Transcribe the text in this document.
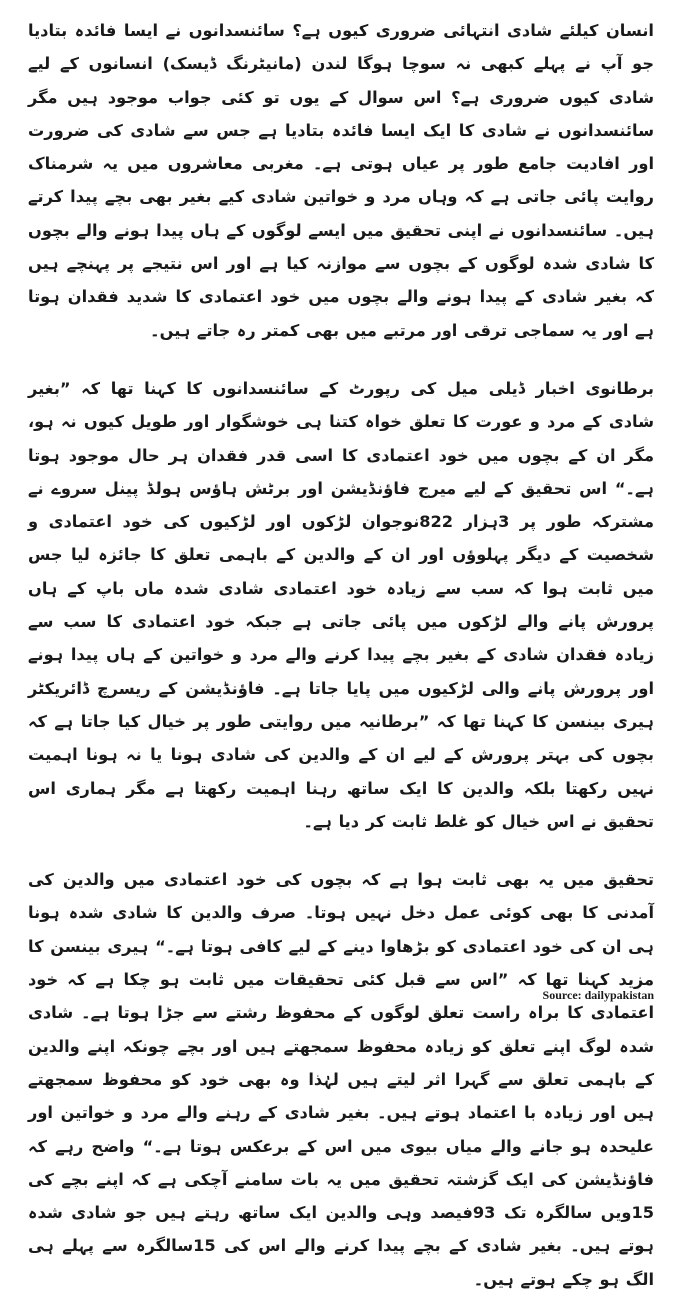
انسان کیلئے شادی انتہائی ضروری کیوں ہے؟ سائنسدانوں نے ایسا فائدہ بتادیا جو آپ نے پہلے کبھی نہ سوچا ہوگا لندن (مانیٹرنگ ڈیسک) انسانوں کے لیے شادی کیوں ضروری ہے؟ اس سوال کے یوں تو کئی جواب موجود ہیں مگر سائنسدانوں نے شادی کا ایک ایسا فائدہ بتادیا ہے جس سے شادی کی ضرورت اور افادیت جامع طور پر عیاں ہوتی ہے۔ مغربی معاشروں میں یہ شرمناک روایت پائی جاتی ہے کہ وہاں مرد و خواتین شادی کیے بغیر بھی بچے پیدا کرتے ہیں۔ سائنسدانوں نے اپنی تحقیق میں ایسے لوگوں کے ہاں پیدا ہونے والے بچوں کا شادی شدہ لوگوں کے بچوں سے موازنہ کیا ہے اور اس نتیجے پر پہنچے ہیں کہ بغیر شادی کے پیدا ہونے والے بچوں میں خود اعتمادی کا شدید فقدان ہوتا ہے اور یہ سماجی ترقی اور مرتبے میں بھی کمتر رہ جاتے ہیں۔

برطانوی اخبار ڈیلی میل کی رپورٹ کے سائنسدانوں کا کہنا تھا کہ ”بغیر شادی کے مرد و عورت کا تعلق خواہ کتنا ہی خوشگوار اور طویل کیوں نہ ہو، مگر ان کے بچوں میں خود اعتمادی کا اسی قدر فقدان ہر حال موجود ہوتا ہے۔“ اس تحقیق کے لیے میرج فاؤنڈیشن اور برٹش ہاؤس ہولڈ پینل سروے نے مشترکہ طور پر 3ہزار 822نوجوان لڑکوں اور لڑکیوں کی خود اعتمادی و شخصیت کے دیگر پہلوؤں اور ان کے والدین کے باہمی تعلق کا جائزہ لیا جس میں ثابت ہوا کہ سب سے زیادہ خود اعتمادی شادی شدہ ماں باپ کے ہاں پرورش پانے والے لڑکوں میں پائی جاتی ہے جبکہ خود اعتمادی کا سب سے زیادہ فقدان شادی کے بغیر بچے پیدا کرنے والے مرد و خواتین کے ہاں پیدا ہونے اور پرورش پانے والی لڑکیوں میں پایا جاتا ہے۔ فاؤنڈیشن کے ریسرچ ڈائریکٹر ہیری بینسن کا کہنا تھا کہ ”برطانیہ میں روایتی طور پر خیال کیا جاتا ہے کہ بچوں کی بہتر پرورش کے لیے ان کے والدین کی شادی ہونا یا نہ ہونا اہمیت نہیں رکھتا بلکہ والدین کا ایک ساتھ رہنا اہمیت رکھتا ہے مگر ہماری اس تحقیق نے اس خیال کو غلط ثابت کر دیا ہے۔

تحقیق میں یہ بھی ثابت ہوا ہے کہ بچوں کی خود اعتمادی میں والدین کی آمدنی کا بھی کوئی عمل دخل نہیں ہوتا۔ صرف والدین کا شادی شدہ ہونا ہی ان کی خود اعتمادی کو بڑھاوا دینے کے لیے کافی ہوتا ہے۔“ ہیری بینسن کا مزید کہنا تھا کہ ”اس سے قبل کئی تحقیقات میں ثابت ہو چکا ہے کہ خود اعتمادی کا براہ راست تعلق لوگوں کے محفوظ رشتے سے جڑا ہوتا ہے۔ شادی شدہ لوگ اپنے تعلق کو زیادہ محفوظ سمجھتے ہیں اور بچے چونکہ اپنے والدین کے باہمی تعلق سے گہرا اثر لیتے ہیں لہٰذا وہ بھی خود کو محفوظ سمجھتے ہیں اور زیادہ با اعتماد ہوتے ہیں۔ بغیر شادی کے رہنے والے مرد و خواتین اور علیحدہ ہو جانے والے میاں بیوی میں اس کے برعکس ہوتا ہے۔“ واضح رہے کہ فاؤنڈیشن کی ایک گزشتہ تحقیق میں یہ بات سامنے آچکی ہے کہ اپنے بچے کی 15ویں سالگرہ تک 93فیصد وہی والدین ایک ساتھ رہتے ہیں جو شادی شدہ ہوتے ہیں۔ بغیر شادی کے بچے پیدا کرنے والے اس کی 15سالگرہ سے پہلے ہی الگ ہو چکے ہوتے ہیں۔

Source: dailypakistan
